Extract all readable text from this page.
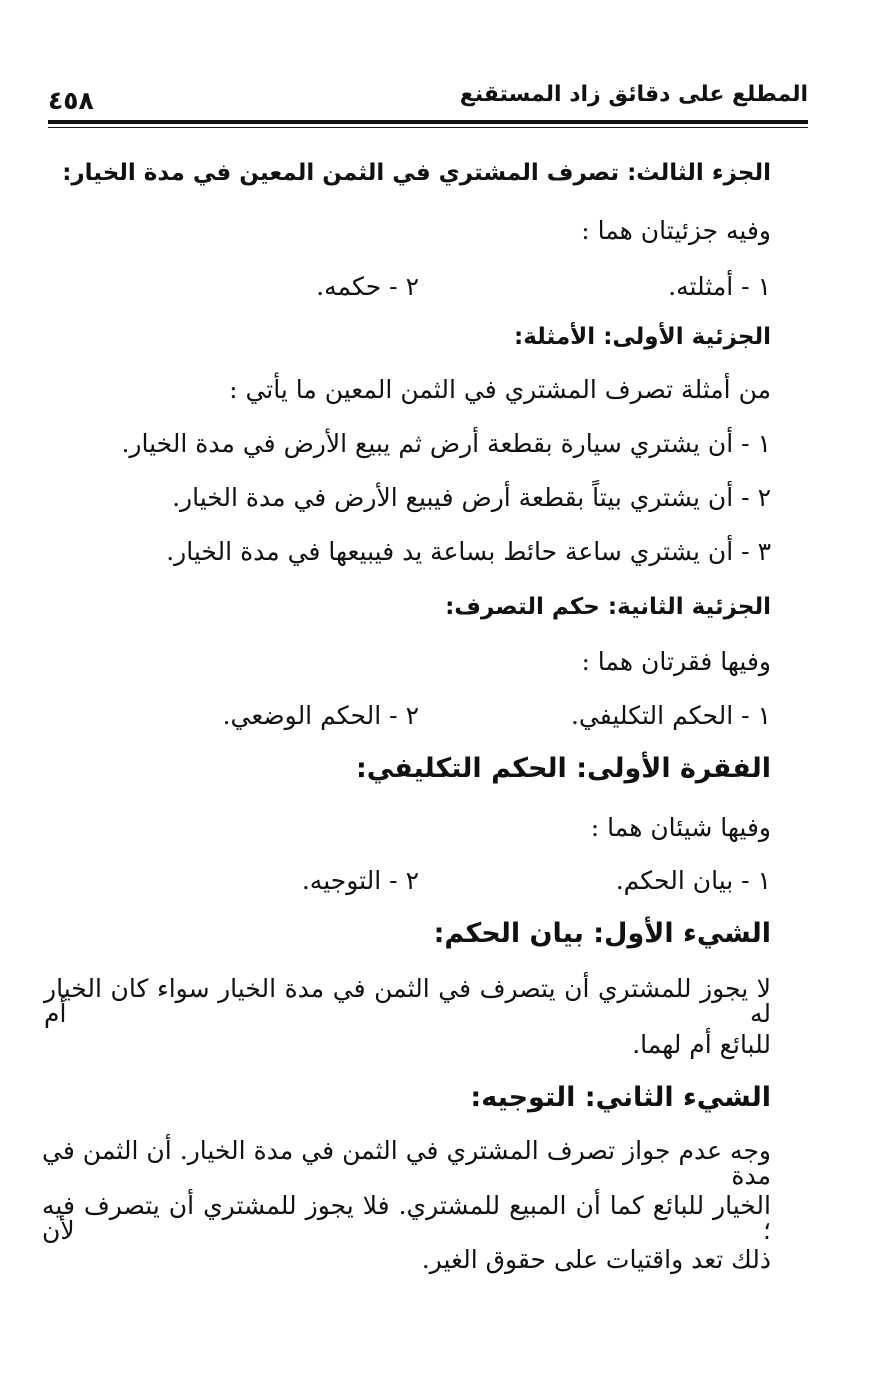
المطلع على دقائق زاد المستقنع
٤٥٨
الجزء الثالث: تصرف المشتري في الثمن المعين في مدة الخيار:
وفيه جزئيتان هما :
١ - أمثلته.
٢ - حكمه.
الجزئية الأولى: الأمثلة:
من أمثلة تصرف المشتري في الثمن المعين ما يأتي :
١ - أن يشتري سيارة بقطعة أرض ثم يبيع الأرض في مدة الخيار.
٢ - أن يشتري بيتاً بقطعة أرض فيبيع الأرض في مدة الخيار.
٣ - أن يشتري ساعة حائط بساعة يد فيبيعها في مدة الخيار.
الجزئية الثانية: حكم التصرف:
وفيها فقرتان هما :
١ - الحكم التكليفي.
٢ - الحكم الوضعي.
الفقرة الأولى: الحكم التكليفي:
وفيها شيئان هما :
١ - بيان الحكم.
٢ - التوجيه.
الشيء الأول: بيان الحكم:
لا يجوز للمشتري أن يتصرف في الثمن في مدة الخيار سواء كان الخيار له أم
للبائع أم لهما.
الشيء الثاني: التوجيه:
وجه عدم جواز تصرف المشتري في الثمن في مدة الخيار. أن الثمن في مدة
الخيار للبائع كما أن المبيع للمشتري. فلا يجوز للمشتري أن يتصرف فيه ؛ لأن
ذلك تعد واقتيات على حقوق الغير.
